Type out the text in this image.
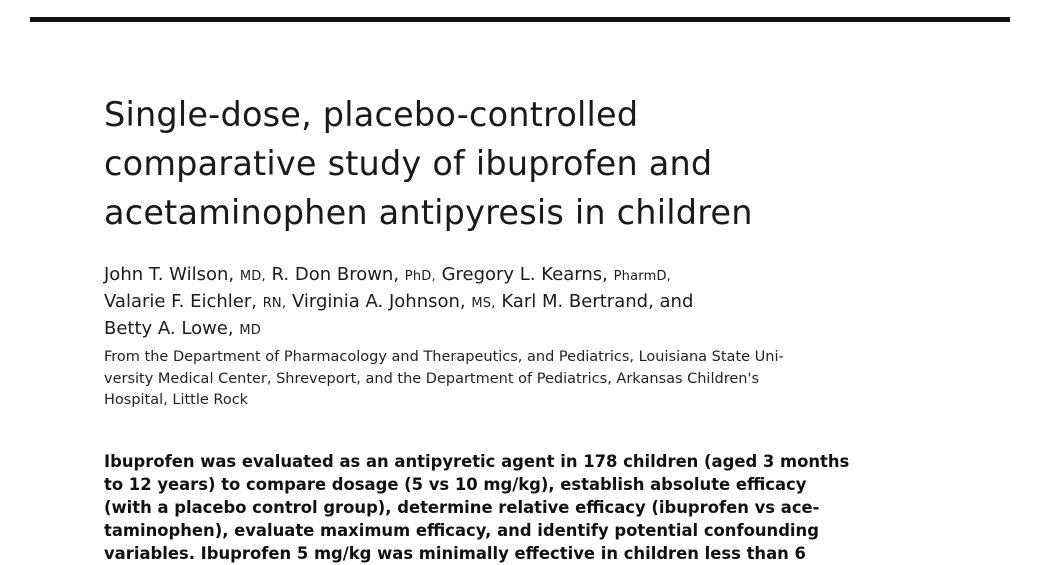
Single-dose, placebo-controlled
comparative study of ibuprofen and
acetaminophen antipyresis in children
John T. Wilson, MD, R. Don Brown, PhD, Gregory L. Kearns, PharmD,
Valarie F. Eichler, RN, Virginia A. Johnson, MS, Karl M. Bertrand, and
Betty A. Lowe, MD
From the Department of Pharmacology and Therapeutics, and Pediatrics, Louisiana State Uni-
versity Medical Center, Shreveport, and the Department of Pediatrics, Arkansas Children's
Hospital, Little Rock
Ibuprofen was evaluated as an antipyretic agent in 178 children (aged 3 months
to 12 years) to compare dosage (5 vs 10 mg/kg), establish absolute efficacy
(with a placebo control group), determine relative efficacy (ibuprofen vs ace-
taminophen), evaluate maximum efficacy, and identify potential confounding
variables. Ibuprofen 5 mg/kg was minimally effective in children less than 6
